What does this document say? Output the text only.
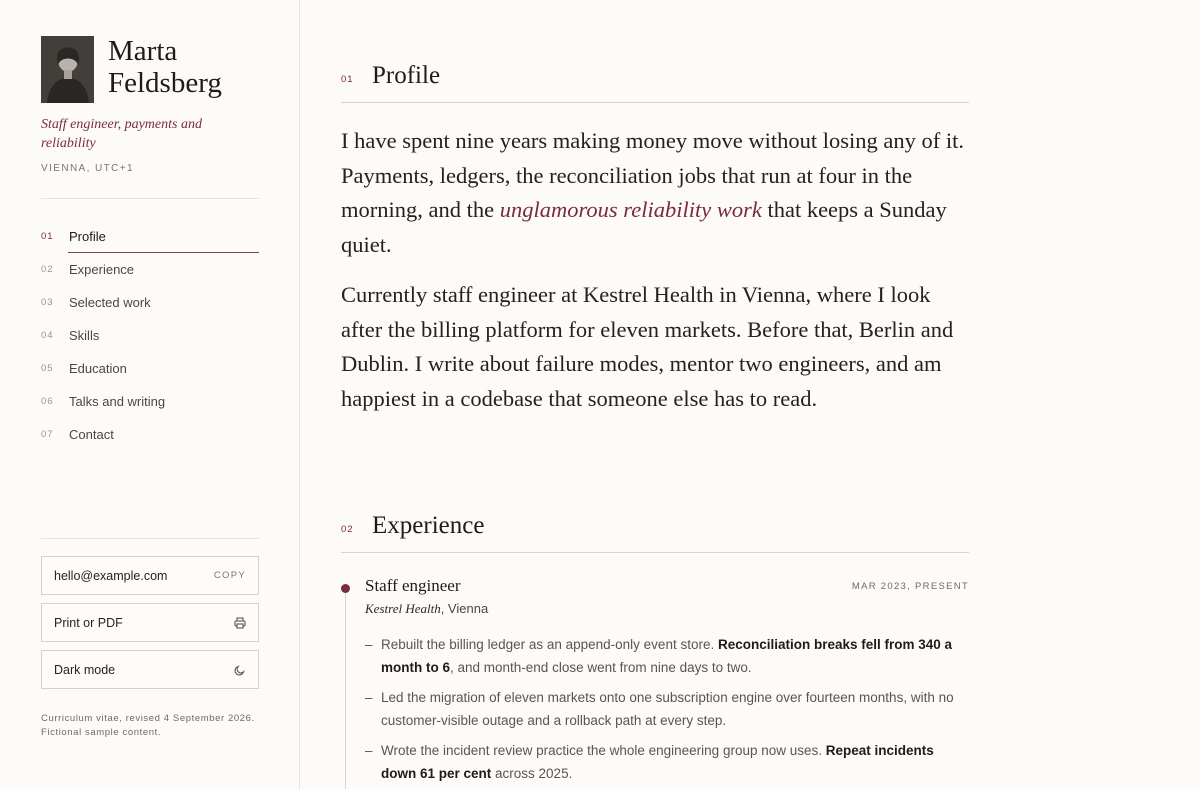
Marta
Feldsberg
Staff engineer, payments and reliability
VIENNA, UTC+1
01	Profile
02	Experience
03	Selected work
04	Skills
05	Education
06	Talks and writing
07	Contact
hello@example.com	COPY
Print or PDF
Dark mode
Curriculum vitae, revised 4 September 2026.
Fictional sample content.
01 Profile

I have spent nine years making money move without losing any of it. Payments, ledgers, the reconciliation jobs that run at four in the morning, and the unglamorous reliability work that keeps a Sunday quiet.

Currently staff engineer at Kestrel Health in Vienna, where I look after the billing platform for eleven markets. Before that, Berlin and Dublin. I write about failure modes, mentor two engineers, and am happiest in a codebase that someone else has to read.

02 Experience
Staff engineer	MAR 2023, PRESENT
Kestrel Health, Vienna
– Rebuilt the billing ledger as an append-only event store. Reconciliation breaks fell from 340 a month to 6, and month-end close went from nine days to two.
– Led the migration of eleven markets onto one subscription engine over fourteen months, with no customer-visible outage and a rollback path at every step.
– Wrote the incident review practice the whole engineering group now uses. Repeat incidents down 61 per cent across 2025.
